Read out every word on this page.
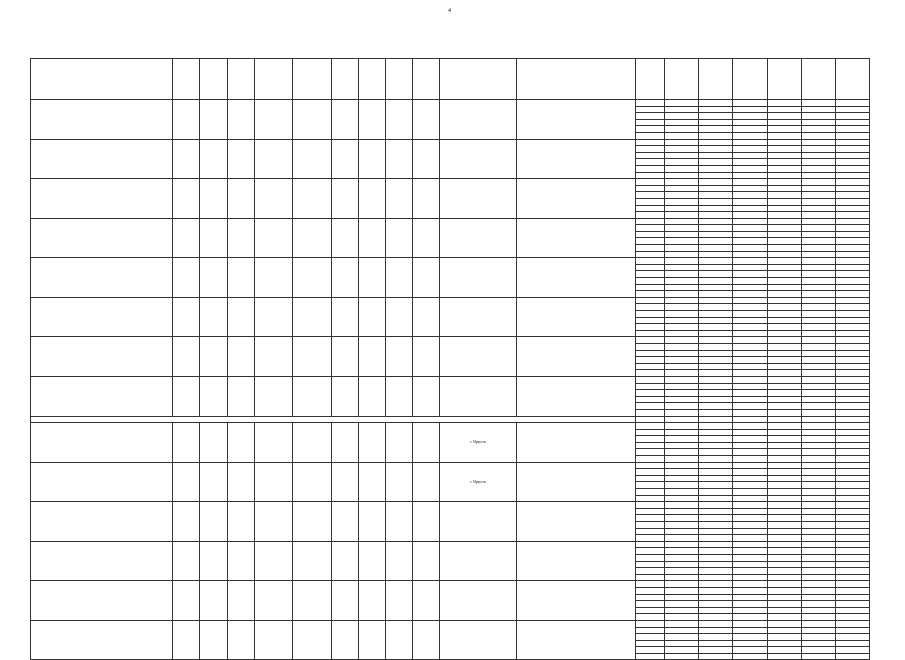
4

										г. Иркутск								

										г. Иркутск								
